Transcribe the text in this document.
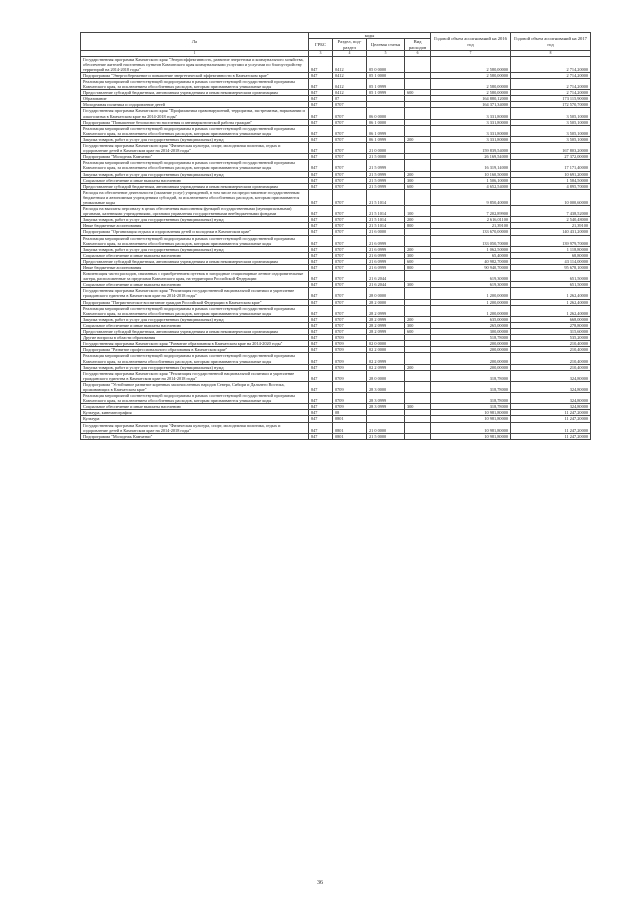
Ла	коды				Годовой объем ассигнований на 2016 год	Годовой объем ассигнований на 2017 год
	ГРБС	Раздел, под-раздел	Целевая статья	Вид расходов		
1	3	4	5	6	7	8
Государственная программа Камчатского края "Энергоэффективность, развитие энергетики и коммунального хозяйства, обеспечение жителей населенных пунктов Камчатского края коммунальными услугами и услугами по благоустройству территорий на 2014-2018 годы"	847	0412	05 0 0000		2 580,00000	2 714,20000
Подпрограмма "Энергосбережение и повышение энергетической эффективности в Камчатском крае"	847	0412	05 1 0000		2 580,00000	2 714,20000
Реализация мероприятий соответствующей подпрограммы в рамках соответствующей государственной программы Камчатского края, за исключением обособленных расходов, которым присваиваются уникальные коды	847	0412	05 1 0999		2 580,00000	2 714,20000
Предоставление субсидий бюджетным, автономным учреждениям и иным некоммерческим организациям	847	0412	05 1 0999	600	2 580,00000	2 714,20000
Образование	847	07			164 880,12000	173 115,90000
Молодежная политика и оздоровление детей	847	0707			164 371,34000	172 570,70000
Государственная программа Камчатского края "Профилактика правонарушений, терроризма, экстремизма, наркомании и алкоголизма в Камчатском крае на 2014-2018 годы"	847	0707	06 0 0000		3 331,80000	3 505,10000
Подпрограмма "Повышение безопасности населения и антинаркотической работы граждан"	847	0707	06 1 0000		3 331,80000	3 505,10000
Реализация мероприятий соответствующей подпрограммы в рамках соответствующей государственной программы Камчатского края, за исключением обособленных расходов, которым присваиваются уникальные коды	847	0707	06 1 0999		3 331,80000	3 505,10000
Закупка товаров, работ и услуг для государственных (муниципальных) нужд	847	0707	06 1 0999	200	3 331,80000	3 505,10000
Государственная программа Камчатского края "Физическая культура, спорт, молодежная политика, отдых и оздоровление детей в Камчатском крае на 2014-2018 годы"	847	0707	21 0 0000		159 839,54000	167 803,20000
Подпрограмма "Молодежь Камчатки"	847	0707	21 5 0000		26 169,54000	27 372,00000
Реализация мероприятий соответствующей подпрограммы в рамках соответствующей государственной программы Камчатского края, за исключением обособленных расходов, которым присваиваются уникальные коды	847	0707	21 5 0999		16 319,14000	17 171,40000
Закупка товаров, работ и услуг для государственных (муниципальных) нужд	847	0707	21 5 0999	200	10 160,50000	10 691,20000
Социальное обеспечение и иные выплаты населению	847	0707	21 5 0999	300	1 506,10000	1 584,50000
Предоставление субсидий бюджетным, автономным учреждениям и иным некоммерческим организациям	847	0707	21 5 0999	600	4 652,54000	4 895,70000
Расходы на обеспечение деятельности (оказание услуг) учреждений, в том числе на предоставление государственным бюджетным и автономным учреждениям субсидий, за исключением обособленных расходов, которым присваиваются уникальные коды	847	0707	21 5 1014		9 850,40000	10 000,60000
Расходы на выплаты персоналу в целях обеспечения выполнения функций государственными (муниципальными) органами, казенными учреждениями, органами управления государственными внебюджетными фондами	847	0707	21 5 1014	100	7 202,89900	7 438,52000
Закупка товаров, работ и услуг для государственных (муниципальных) нужд	847	0707	21 5 1014	200	2 616,01100	2 540,48000
Иные бюджетные ассигнования	847	0707	21 5 1014	800	21,39100	21,39100
Подпрограмма "Организация отдыха и оздоровления детей и молодежи в Камчатском крае"	847	0707	21 6 0000		133 670,00000	140 431,20000
Реализация мероприятий соответствующей подпрограммы в рамках соответствующей государственной программы Камчатского края, за исключением обособленных расходов, которым присваиваются уникальные коды	847	0707	21 6 0999		133 050,70000	139 979,70000
Закупка товаров, работ и услуг для государственных (муниципальных) нужд	847	0707	21 6 0999	200	1 062,50000	1 118,80000
Социальное обеспечение и иные выплаты населению	847	0707	21 6 0999	300	65,40000	68,80000
Предоставление субсидий бюджетным, автономным учреждениям и иным некоммерческим организациям	847	0707	21 6 0999	600	40 982,70000	43 114,00000
Иные бюджетные ассигнования	847	0707	21 6 0999	800	90 940,70000	95 678,10000
Компенсация части расходов, связанных с приобретением путевок в загородные стационарные летние оздоровительные лагеря, расположенные за пределами Камчатского края, на территории Российской Федерации	847	0707	21 6 2044		619,30000	651,50000
Социальное обеспечение и иные выплаты населению	847	0707	21 6 2044	300	619,30000	651,50000
Государственная программа Камчатского края "Реализация государственной национальной политики и укрепление гражданского единства в Камчатском крае на 2014-2018 годы"	847	0707	28 0 0000		1 200,00000	1 262,40000
Подпрограмма "Патриотическое воспитание граждан Российской Федерации в Камчатском крае"	847	0707	28 2 0000		1 200,00000	1 262,40000
Реализация мероприятий соответствующей подпрограммы в рамках соответствующей государственной программы Камчатского края, за исключением обособленных расходов, которым присваиваются уникальные коды	847	0707	28 2 0999		1 200,00000	1 262,40000
Закупка товаров, работ и услуг для государственных (муниципальных) нужд	847	0707	28 2 0999	200	635,00000	668,00000
Социальное обеспечение и иные выплаты населению	847	0707	28 2 0999	300	265,00000	278,80000
Предоставление субсидий бюджетным, автономным учреждениям и иным некоммерческим организациям	847	0707	28 2 0999	600	300,00000	315,60000
Другие вопросы в области образования	847	0709			518,78000	535,20000
Государственная программа Камчатского края "Развитие образования в Камчатском крае на 2014-2020 годы"	847	0709	02 0 0000		200,00000	210,40000
Подпрограмма "Развитие профессионального образования в Камчатском крае"	847	0709	02 2 0000		200,00000	210,40000
Реализация мероприятий соответствующей подпрограммы в рамках соответствующей государственной программы Камчатского края, за исключением обособленных расходов, которым присваиваются уникальные коды	847	0709	02 2 0999		200,00000	210,40000
Закупка товаров, работ и услуг для государственных (муниципальных) нужд	847	0709	02 2 0999	200	200,00000	210,40000
Государственная программа Камчатского края "Реализация государственной национальной политики и укрепление гражданского единства в Камчатском крае на 2014-2018 годы"	847	0709	28 0 0000		318,78000	324,80000
Подпрограмма "Устойчивое развитие коренных малочисленных народов Севера, Сибири и Дальнего Востока, проживающих в Камчатском крае"	847	0709	28 3 0000		318,78000	324,80000
Реализация мероприятий соответствующей подпрограммы в рамках соответствующей государственной программы Камчатского края, за исключением обособленных расходов, которым присваиваются уникальные коды	847	0709	28 3 0999		318,78000	324,80000
Социальное обеспечение и иные выплаты населению	847	0709	28 3 0999	300	318,78000	324,80000
Культура, кинематография	847	08			10 981,80000	11 247,20000
Культура	847	0801			10 981,80000	11 247,20000
Государственная программа Камчатского края "Физическая культура, спорт, молодежная политика, отдых и оздоровление детей в Камчатском крае на 2014-2018 годы"	847	0801	21 0 0000		10 981,80000	11 247,20000
Подпрограмма "Молодежь Камчатки"	847	0801	21 5 0000		10 981,80000	11 247,20000
36
